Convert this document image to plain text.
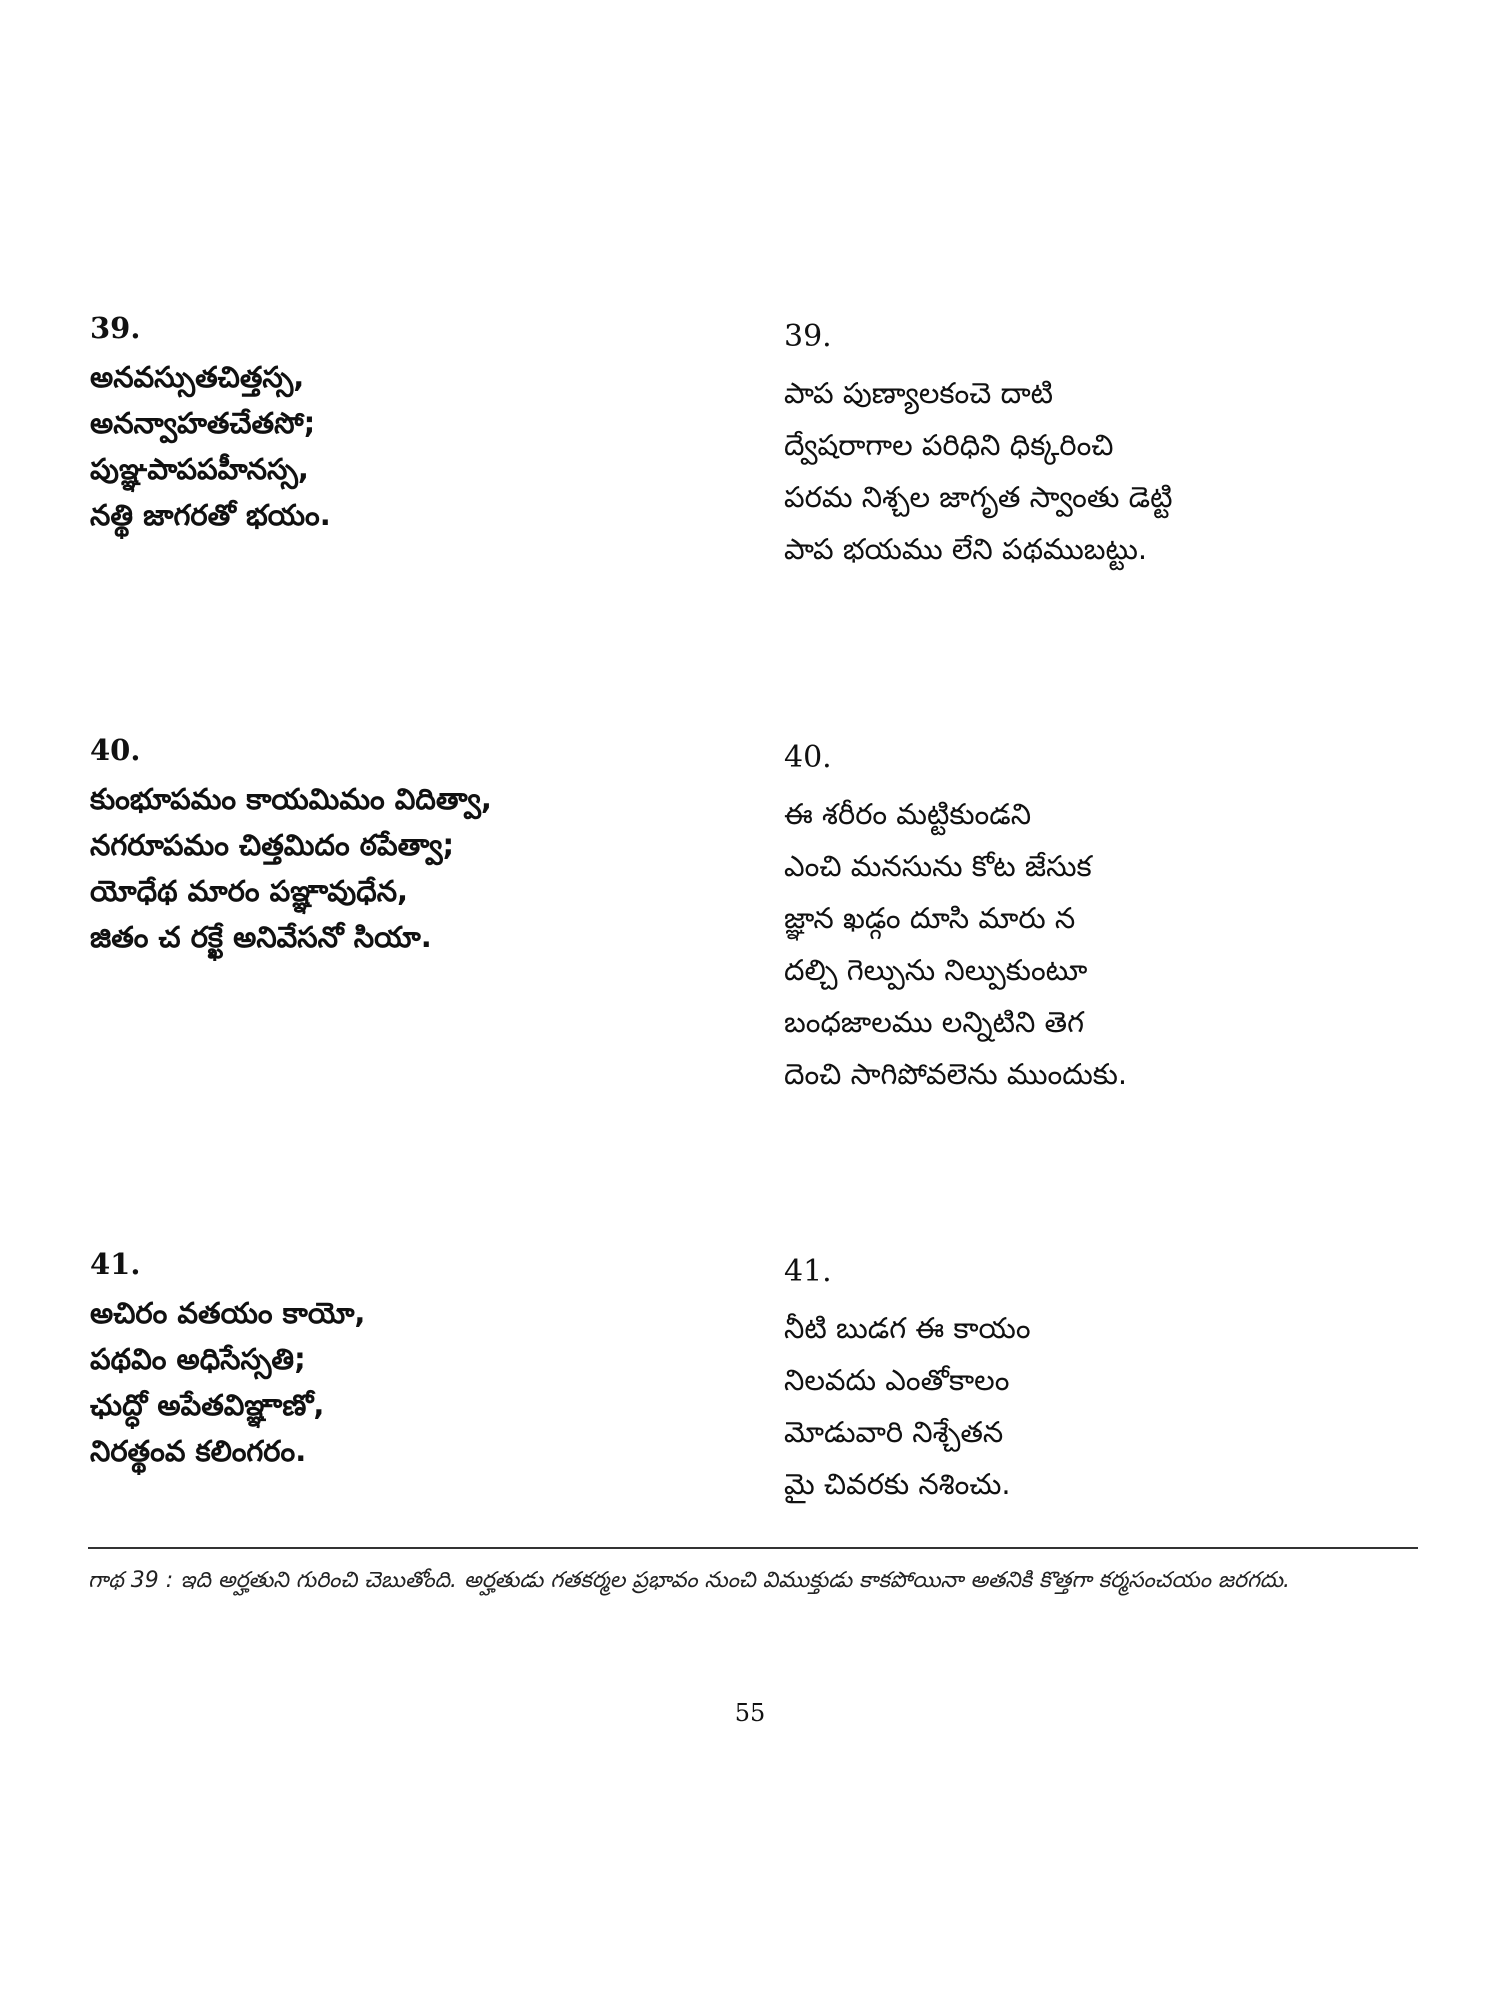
39.
అనవస్సుతచిత్తస్స,
అనన్వాహతచేతసో;
పుఞ్ఞపాపపహీనస్స,
నత్థి జాగరతో భయం.
39.
పాప పుణ్యాలకంచె దాటి
ద్వేషరాగాల పరిధిని ధిక్కరించి
పరమ నిశ్చల జాగృత స్వాంతు డెట్టి
పాప భయము లేని పథముబట్టు.
40.
కుంభూపమం కాయమిమం విదిత్వా,
నగరూపమం చిత్తమిదం ఠపేత్వా;
యోధేథ మారం పఞ్ఞావుధేన,
జితం చ రక్ఖే అనివేసనో సియా.
40.
ఈ శరీరం మట్టికుండని
ఎంచి మనసును కోట జేసుక
జ్ఞాన ఖడ్గం దూసి మారు న
దల్చి గెల్పును నిల్పుకుంటూ
బంధజాలము లన్నిటిని తెగ
దెంచి సాగిపోవలెను ముందుకు.
41.
అచిరం వతయం కాయో,
పథవిం అధిసేస్సతి;
ఛుద్ధో అపేతవిఞ్ఞాణో,
నిరత్థంవ కలింగరం.
41.
నీటి బుడగ ఈ కాయం
నిలవదు ఎంతోకాలం
మోడువారి నిశ్చేతన
మై చివరకు నశించు.
గాథ 39 : ఇది అర్హతుని గురించి చెబుతోంది. అర్హతుడు గతకర్మల ప్రభావం నుంచి విముక్తుడు కాకపోయినా అతనికి కొత్తగా కర్మసంచయం జరగదు.
55
